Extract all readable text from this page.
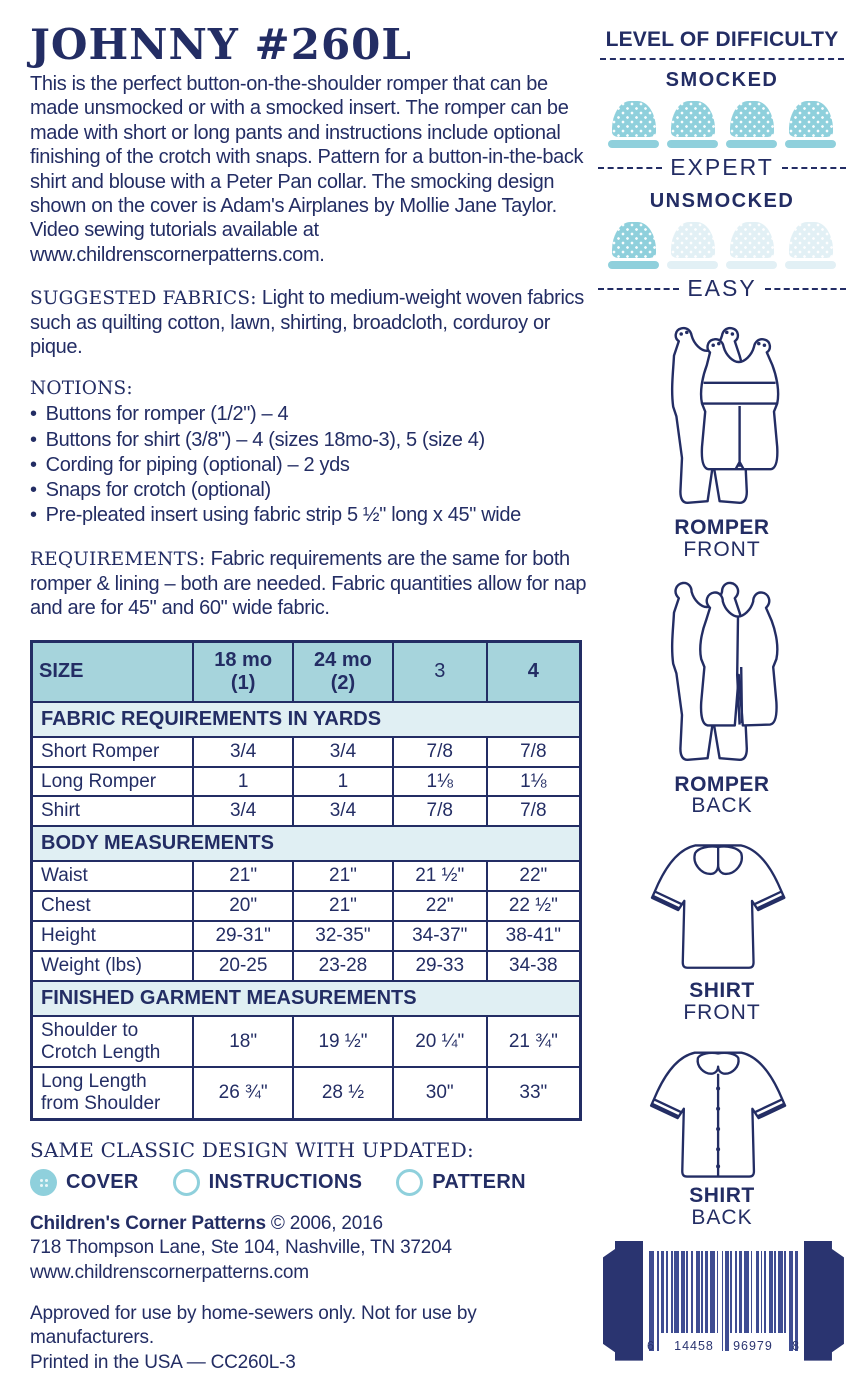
JOHNNY #260L

This is the perfect button-on-the-shoulder romper that can be made unsmocked or with a smocked insert. The romper can be made with short or long pants and instructions include optional finishing of the crotch with snaps. Pattern for a button-in-the-back shirt and blouse with a Peter Pan collar. The smocking design shown on the cover is Adam's Airplanes by Mollie Jane Taylor. Video sewing tutorials available at www.childrenscornerpatterns.com.

SUGGESTED FABRICS: Light to medium-weight woven fabrics such as quilting cotton, lawn, shirting, broadcloth, corduroy or pique.

NOTIONS:
• Buttons for romper (1/2") – 4
• Buttons for shirt (3/8") – 4 (sizes 18mo-3), 5 (size 4)
• Cording for piping (optional) – 2 yds
• Snaps for crotch (optional)
• Pre-pleated insert using fabric strip 5 ½" long x 45" wide

REQUIREMENTS: Fabric requirements are the same for both romper & lining – both are needed. Fabric quantities allow for nap and are for 45" and 60" wide fabric.

SIZE	18 mo (1)	24 mo (2)	3	4
FABRIC REQUIREMENTS IN YARDS				
Short Romper	3/4	3/4	7/8	7/8
Long Romper	1	1	1⅛	1⅛
Shirt	3/4	3/4	7/8	7/8
BODY MEASUREMENTS				
Waist	21"	21"	21 ½"	22"
Chest	20"	21"	22"	22 ½"
Height	29-31"	32-35"	34-37"	38-41"
Weight (lbs)	20-25	23-28	29-33	34-38
FINISHED GARMENT MEASUREMENTS				
Shoulder to Crotch Length	18"	19 ½"	20 ¼"	21 ¾"
Long Length from Shoulder	26 ¾"	28 ½	30"	33"
SAME CLASSIC DESIGN WITH UPDATED:
COVER	INSTRUCTIONS	PATTERN
Children's Corner Patterns © 2006, 2016
718 Thompson Lane, Ste 104, Nashville, TN 37204
www.childrenscornerpatterns.com
Approved for use by home-sewers only. Not for use by manufacturers.
Printed in the USA — CC260L-3
LEVEL OF DIFFICULTY
SMOCKED
EXPERT
UNSMOCKED
EASY
ROMPER
FRONT
ROMPER
BACK
SHIRT
FRONT
SHIRT
BACK
6 14458 96979 8
